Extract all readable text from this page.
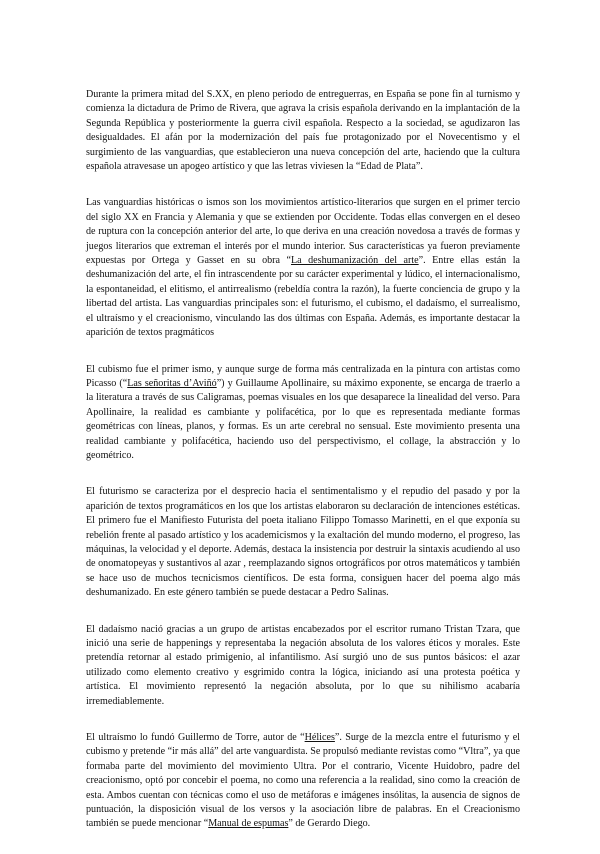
Durante la primera mitad del S.XX, en pleno periodo de entreguerras, en España se pone fin al turnismo y comienza la dictadura de Primo de Rivera, que agrava la crisis española derivando en la implantación de la Segunda República y posteriormente la guerra civil española. Respecto a la sociedad, se agudizaron las desigualdades. El afán por la modernización del país fue protagonizado por el Novecentismo y el surgimiento de las vanguardias, que establecieron una nueva concepción del arte, haciendo que la cultura española atravesase un apogeo artístico y que las letras viviesen la “Edad de Plata”.

Las vanguardias históricas o ismos son los movimientos artístico-literarios que surgen en el primer tercio del siglo XX en Francia y Alemania y que se extienden por Occidente. Todas ellas convergen en el deseo de ruptura con la concepción anterior del arte, lo que deriva en una creación novedosa a través de formas y juegos literarios que extreman el interés por el mundo interior. Sus características ya fueron previamente expuestas por Ortega y Gasset en su obra “La deshumanización del arte”. Entre ellas están la deshumanización del arte, el fin intrascendente por su carácter experimental y lúdico, el internacionalismo, la espontaneidad, el elitismo, el antirrealismo (rebeldía contra la razón), la fuerte conciencia de grupo y la libertad del artista. Las vanguardias principales son: el futurismo, el cubismo, el dadaísmo, el surrealismo, el ultraísmo y el creacionismo, vinculando las dos últimas con España. Además, es importante destacar la aparición de textos pragmáticos

El cubismo fue el primer ismo, y aunque surge de forma más centralizada en la pintura con artistas como Picasso (“Las señoritas d’Aviñó”) y Guillaume Apollinaire, su máximo exponente, se encarga de traerlo a la literatura a través de sus Caligramas, poemas visuales en los que desaparece la linealidad del verso. Para Apollinaire, la realidad es cambiante y polifacética, por lo que es representada mediante formas geométricas con líneas, planos, y formas. Es un arte cerebral no sensual. Este movimiento presenta una realidad cambiante y polifacética, haciendo uso del perspectivismo, el collage, la abstracción y lo geométrico.

El futurismo se caracteriza por el desprecio hacia el sentimentalismo y el repudio del pasado y por la aparición de textos programáticos en los que los artistas elaboraron su declaración de intenciones estéticas. El primero fue el Manifiesto Futurista del poeta italiano Filippo Tomasso Marinetti, en el que exponía su rebelión frente al pasado artístico y los academicismos y la exaltación del mundo moderno, el progreso, las máquinas, la velocidad y el deporte. Además, destaca la insistencia por destruir la sintaxis acudiendo al uso de onomatopeyas y sustantivos al azar , reemplazando signos ortográficos por otros matemáticos y también se hace uso de muchos tecnicismos científicos. De esta forma, consiguen hacer del poema algo más deshumanizado. En este género también se puede destacar a Pedro Salinas.

El dadaísmo nació gracias a un grupo de artistas encabezados por el escritor rumano Tristan Tzara, que inició una serie de happenings y representaba la negación absoluta de los valores éticos y morales. Este pretendía retornar al estado primigenio, al infantilismo. Así surgió uno de sus puntos básicos: el azar utilizado como elemento creativo y esgrimido contra la lógica, iniciando así una protesta poética y artística. El movimiento representó la negación absoluta, por lo que su nihilismo acabaría irremediablemente.

El ultraísmo lo fundó Guillermo de Torre, autor de “Hélices”. Surge de la mezcla entre el futurismo y el cubismo y pretende “ir más allá” del arte vanguardista. Se propulsó mediante revistas como “Vltra”, ya que formaba parte del movimiento del movimiento Ultra. Por el contrario, Vicente Huidobro, padre del creacionismo, optó por concebir el poema, no como una referencia a la realidad, sino como la creación de esta. Ambos cuentan con técnicas como el uso de metáforas e imágenes insólitas, la ausencia de signos de puntuación, la disposición visual de los versos y la asociación libre de palabras. En el Creacionismo también se puede mencionar “Manual de espumas” de Gerardo Diego.
